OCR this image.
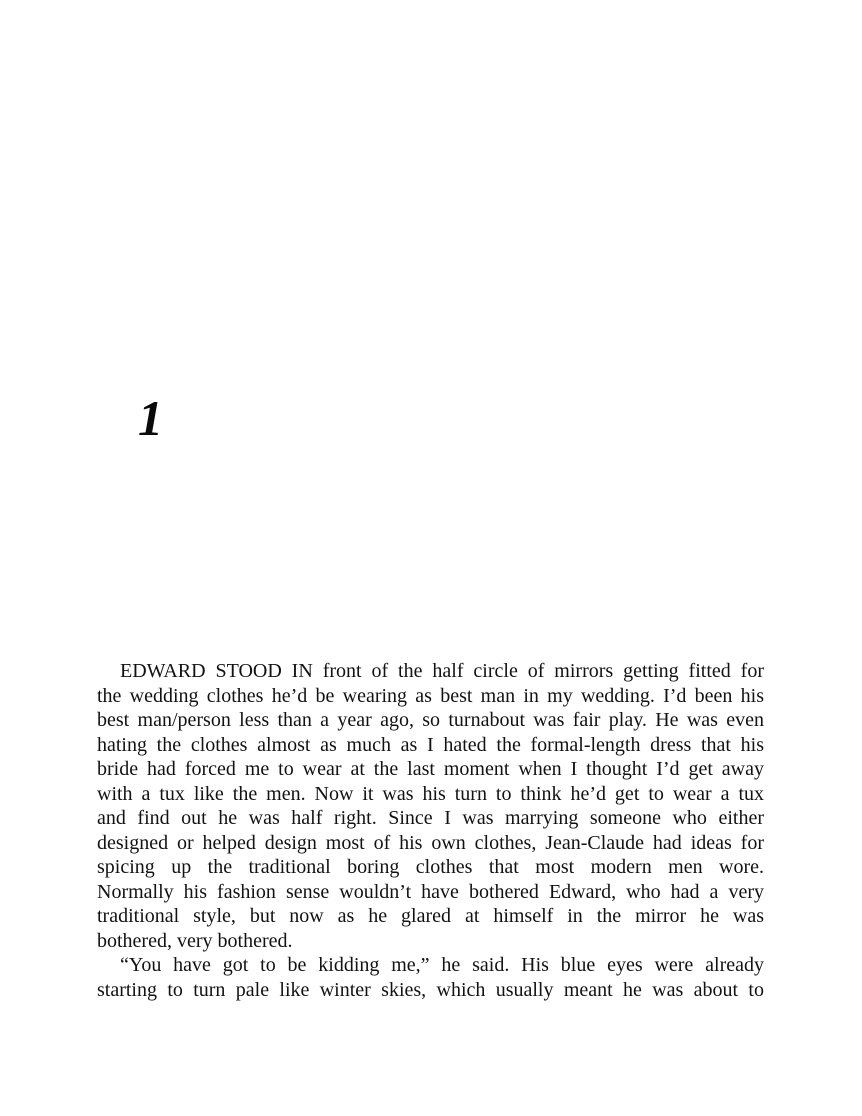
1
EDWARD STOOD IN front of the half circle of mirrors getting fitted for
the wedding clothes he’d be wearing as best man in my wedding. I’d been his
best man/person less than a year ago, so turnabout was fair play. He was even
hating the clothes almost as much as I hated the formal-length dress that his
bride had forced me to wear at the last moment when I thought I’d get away
with a tux like the men. Now it was his turn to think he’d get to wear a tux
and find out he was half right. Since I was marrying someone who either
designed or helped design most of his own clothes, Jean-Claude had ideas for
spicing up the traditional boring clothes that most modern men wore.
Normally his fashion sense wouldn’t have bothered Edward, who had a very
traditional style, but now as he glared at himself in the mirror he was
bothered, very bothered.
“You have got to be kidding me,” he said. His blue eyes were already
starting to turn pale like winter skies, which usually meant he was about to
